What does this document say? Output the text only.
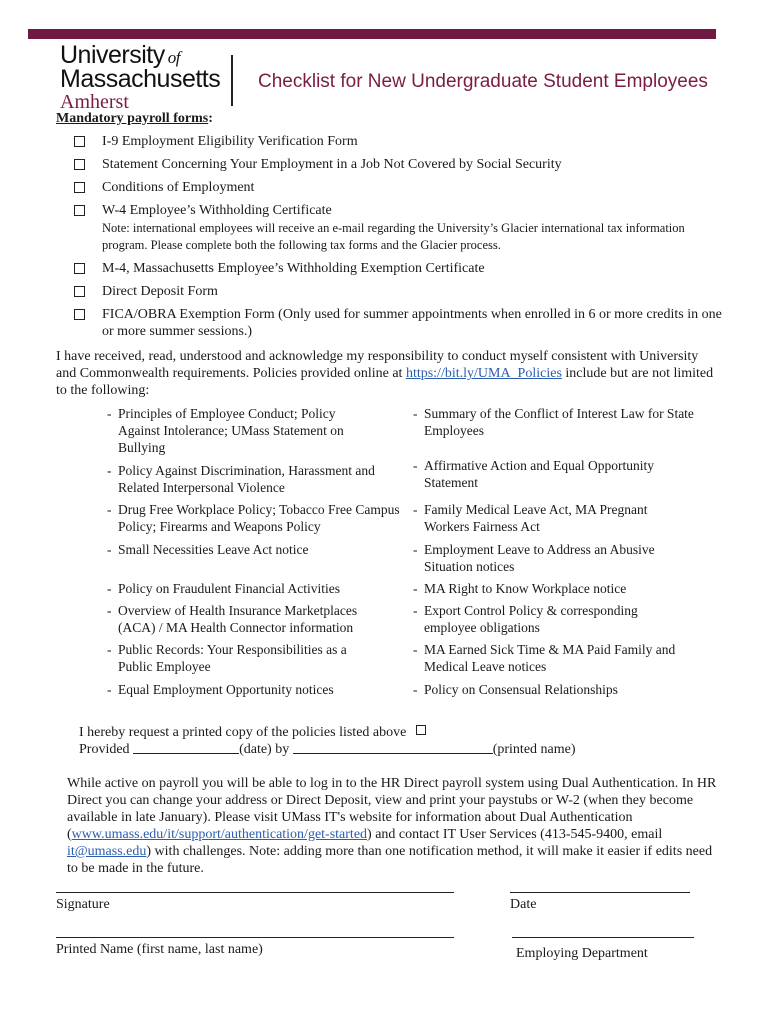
University of
Massachusetts
Amherst
Checklist for New Undergraduate Student Employees
Mandatory payroll forms:
I-9 Employment Eligibility Verification Form
Statement Concerning Your Employment in a Job Not Covered by Social Security
Conditions of Employment
W-4 Employee’s Withholding Certificate
Note: international employees will receive an e-mail regarding the University’s Glacier international tax information program. Please complete both the following tax forms and the Glacier process.
M-4, Massachusetts Employee’s Withholding Exemption Certificate
Direct Deposit Form
FICA/OBRA Exemption Form (Only used for summer appointments when enrolled in 6 or more credits in one or more summer sessions.)
I have received, read, understood and acknowledge my responsibility to conduct myself consistent with University and Commonwealth requirements. Policies provided online at https://bit.ly/UMA_Policies include but are not limited to the following:
- Principles of Employee Conduct; Policy Against Intolerance; UMass Statement on Bullying
- Policy Against Discrimination, Harassment and Related Interpersonal Violence
- Drug Free Workplace Policy; Tobacco Free Campus Policy; Firearms and Weapons Policy
- Small Necessities Leave Act notice
- Policy on Fraudulent Financial Activities
- Overview of Health Insurance Marketplaces (ACA) / MA Health Connector information
- Public Records: Your Responsibilities as a Public Employee
- Equal Employment Opportunity notices
- Summary of the Conflict of Interest Law for State Employees
- Affirmative Action and Equal Opportunity Statement
- Family Medical Leave Act, MA Pregnant Workers Fairness Act
- Employment Leave to Address an Abusive Situation notices
- MA Right to Know Workplace notice
- Export Control Policy & corresponding employee obligations
- MA Earned Sick Time & MA Paid Family and Medical Leave notices
- Policy on Consensual Relationships
I hereby request a printed copy of the policies listed above
Provided	(date) by	(printed name)
While active on payroll you will be able to log in to the HR Direct payroll system using Dual Authentication. In HR Direct you can change your address or Direct Deposit, view and print your paystubs or W-2 (when they become available in late January). Please visit UMass IT's website for information about Dual Authentication (www.umass.edu/it/support/authentication/get-started) and contact IT User Services (413-545-9400, email it@umass.edu) with challenges. Note: adding more than one notification method, it will make it easier if edits need to be made in the future.
Signature	Date
Printed Name (first name, last name)	Employing Department
